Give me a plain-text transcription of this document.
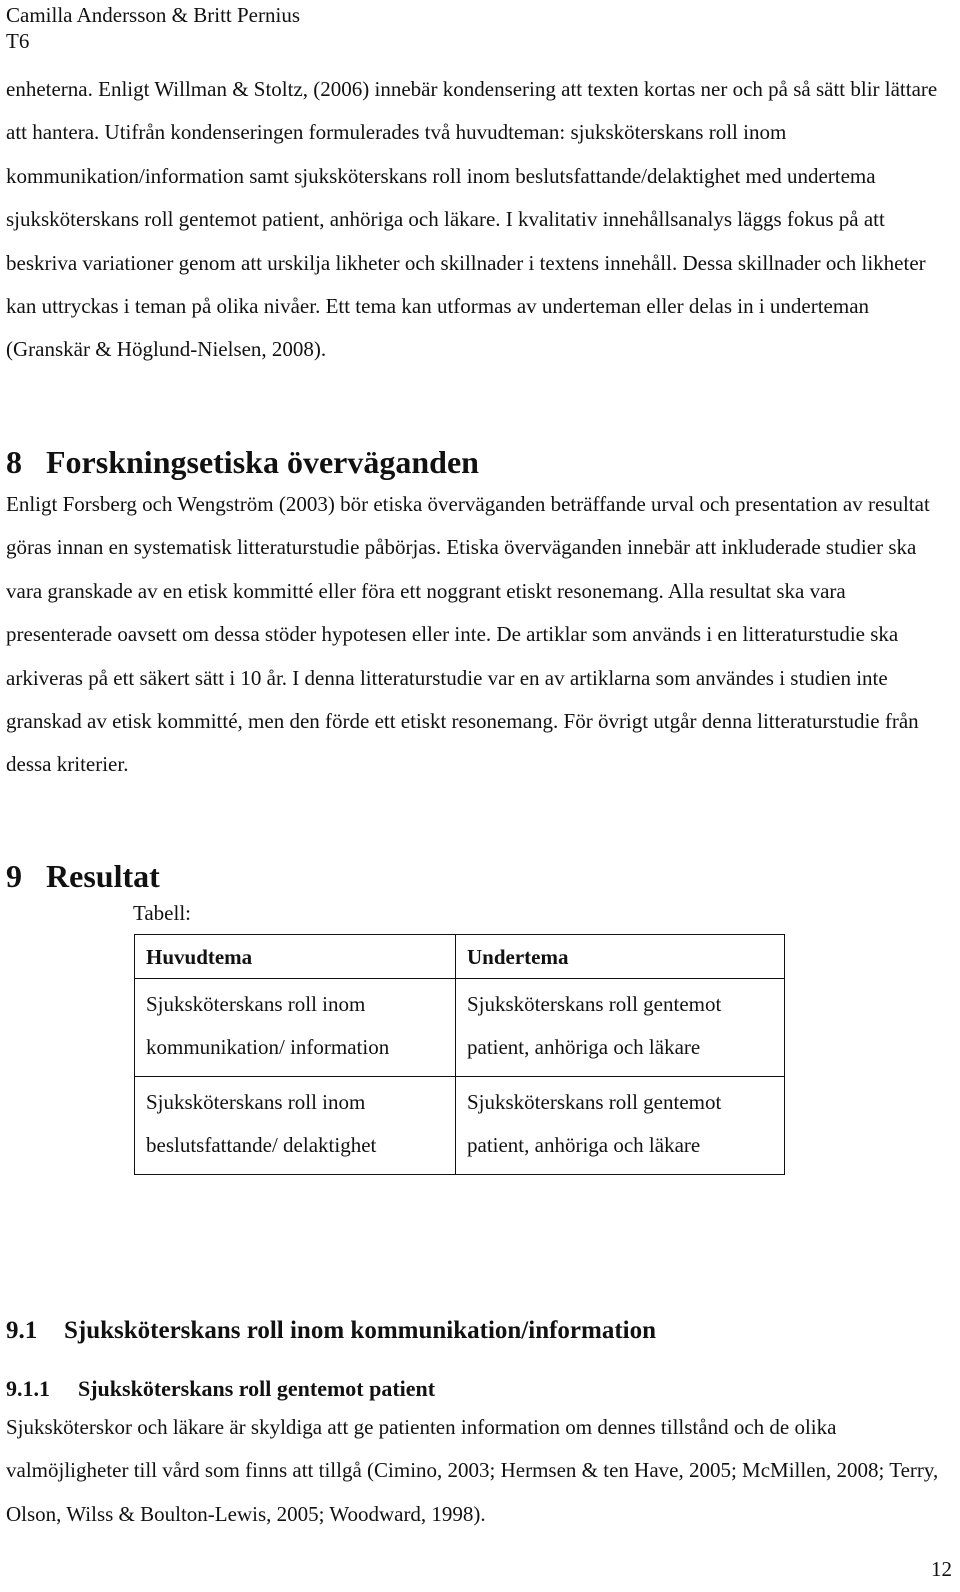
Camilla Andersson & Britt Pernius
T6

enheterna. Enligt Willman & Stoltz, (2006) innebär kondensering att texten kortas ner och på så sätt blir lättare att hantera. Utifrån kondenseringen formulerades två huvudteman: sjuksköterskans roll inom kommunikation/information samt sjuksköterskans roll inom beslutsfattande/delaktighet med undertema sjuksköterskans roll gentemot patient, anhöriga och läkare. I kvalitativ innehållsanalys läggs fokus på att beskriva variationer genom att urskilja likheter och skillnader i textens innehåll. Dessa skillnader och likheter kan uttryckas i teman på olika nivåer. Ett tema kan utformas av underteman eller delas in i underteman (Granskär & Höglund-Nielsen, 2008).

8 Forskningsetiska överväganden

Enligt Forsberg och Wengström (2003) bör etiska överväganden beträffande urval och presentation av resultat göras innan en systematisk litteraturstudie påbörjas. Etiska överväganden innebär att inkluderade studier ska vara granskade av en etisk kommitté eller föra ett noggrant etiskt resonemang. Alla resultat ska vara presenterade oavsett om dessa stöder hypotesen eller inte. De artiklar som används i en litteraturstudie ska arkiveras på ett säkert sätt i 10 år. I denna litteraturstudie var en av artiklarna som användes i studien inte granskad av etisk kommitté, men den förde ett etiskt resonemang. För övrigt utgår denna litteraturstudie från dessa kriterier.

9 Resultat
Tabell:
Huvudtema	Undertema
Sjuksköterskans roll inom kommunikation/ information	Sjuksköterskans roll gentemot patient, anhöriga och läkare
Sjuksköterskans roll inom beslutsfattande/ delaktighet	Sjuksköterskans roll gentemot patient, anhöriga och läkare
9.1 Sjuksköterskans roll inom kommunikation/information
9.1.1 Sjuksköterskans roll gentemot patient

Sjuksköterskor och läkare är skyldiga att ge patienten information om dennes tillstånd och de olika valmöjligheter till vård som finns att tillgå (Cimino, 2003; Hermsen & ten Have, 2005; McMillen, 2008; Terry, Olson, Wilss & Boulton-Lewis, 2005; Woodward, 1998).

12
